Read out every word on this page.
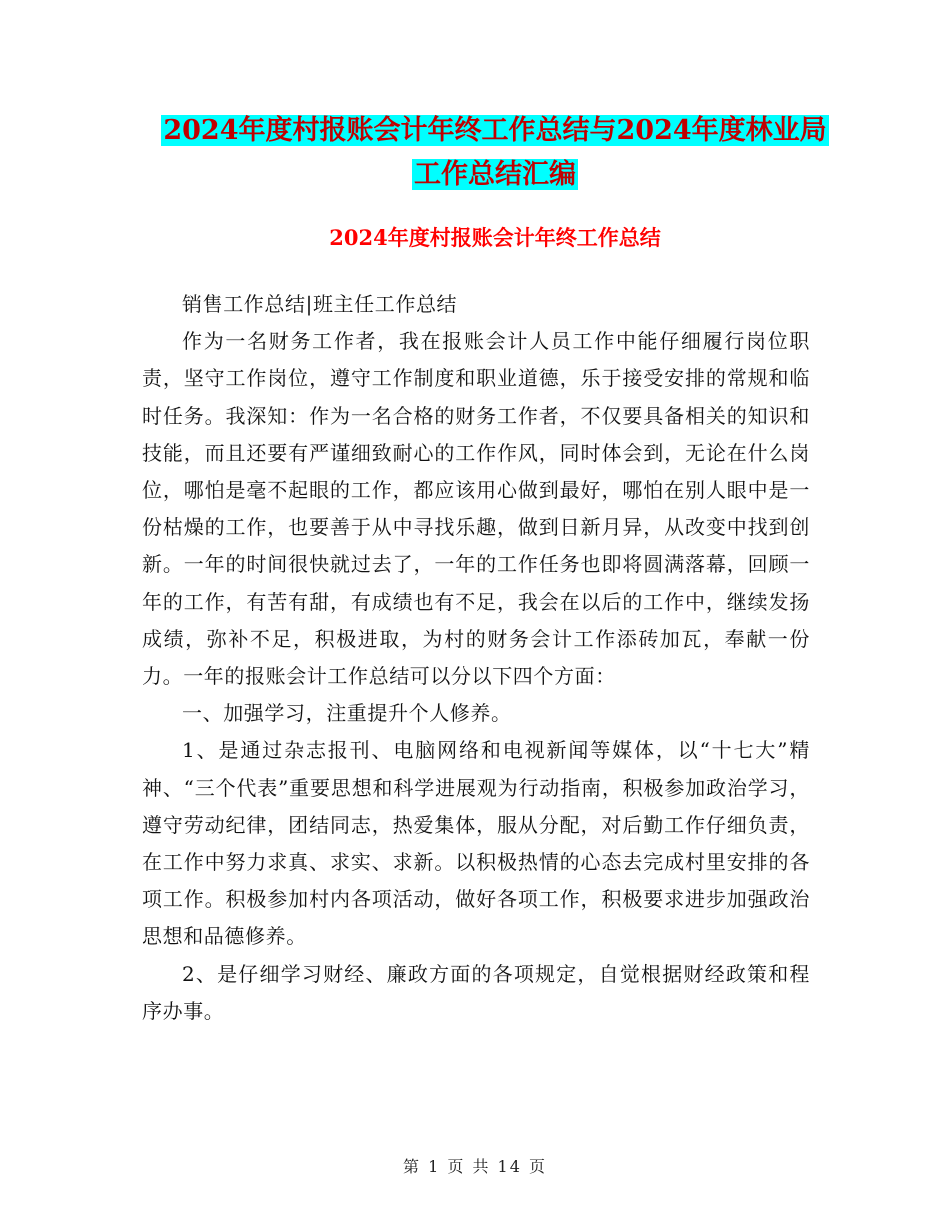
2024年度村报账会计年终工作总结与2024年度林业局
工作总结汇编
2024年度村报账会计年终工作总结

销售工作总结|班主任工作总结

作为一名财务工作者，我在报账会计人员工作中能仔细履行岗位职责，坚守工作岗位，遵守工作制度和职业道德，乐于接受安排的常规和临时任务。我深知：作为一名合格的财务工作者，不仅要具备相关的知识和技能，而且还要有严谨细致耐心的工作作风，同时体会到，无论在什么岗位，哪怕是毫不起眼的工作，都应该用心做到最好，哪怕在别人眼中是一份枯燥的工作，也要善于从中寻找乐趣，做到日新月异，从改变中找到创新。一年的时间很快就过去了，一年的工作任务也即将圆满落幕，回顾一年的工作，有苦有甜，有成绩也有不足，我会在以后的工作中，继续发扬成绩，弥补不足，积极进取，为村的财务会计工作添砖加瓦，奉献一份力。一年的报账会计工作总结可以分以下四个方面：

一、加强学习，注重提升个人修养。

1、是通过杂志报刊、电脑网络和电视新闻等媒体，以“十七大”精神、“三个代表”重要思想和科学进展观为行动指南，积极参加政治学习，遵守劳动纪律，团结同志，热爱集体，服从分配，对后勤工作仔细负责，在工作中努力求真、求实、求新。以积极热情的心态去完成村里安排的各项工作。积极参加村内各项活动，做好各项工作，积极要求进步加强政治思想和品德修养。

2、是仔细学习财经、廉政方面的各项规定，自觉根据财经政策和程序办事。

第 1 页 共 14 页
